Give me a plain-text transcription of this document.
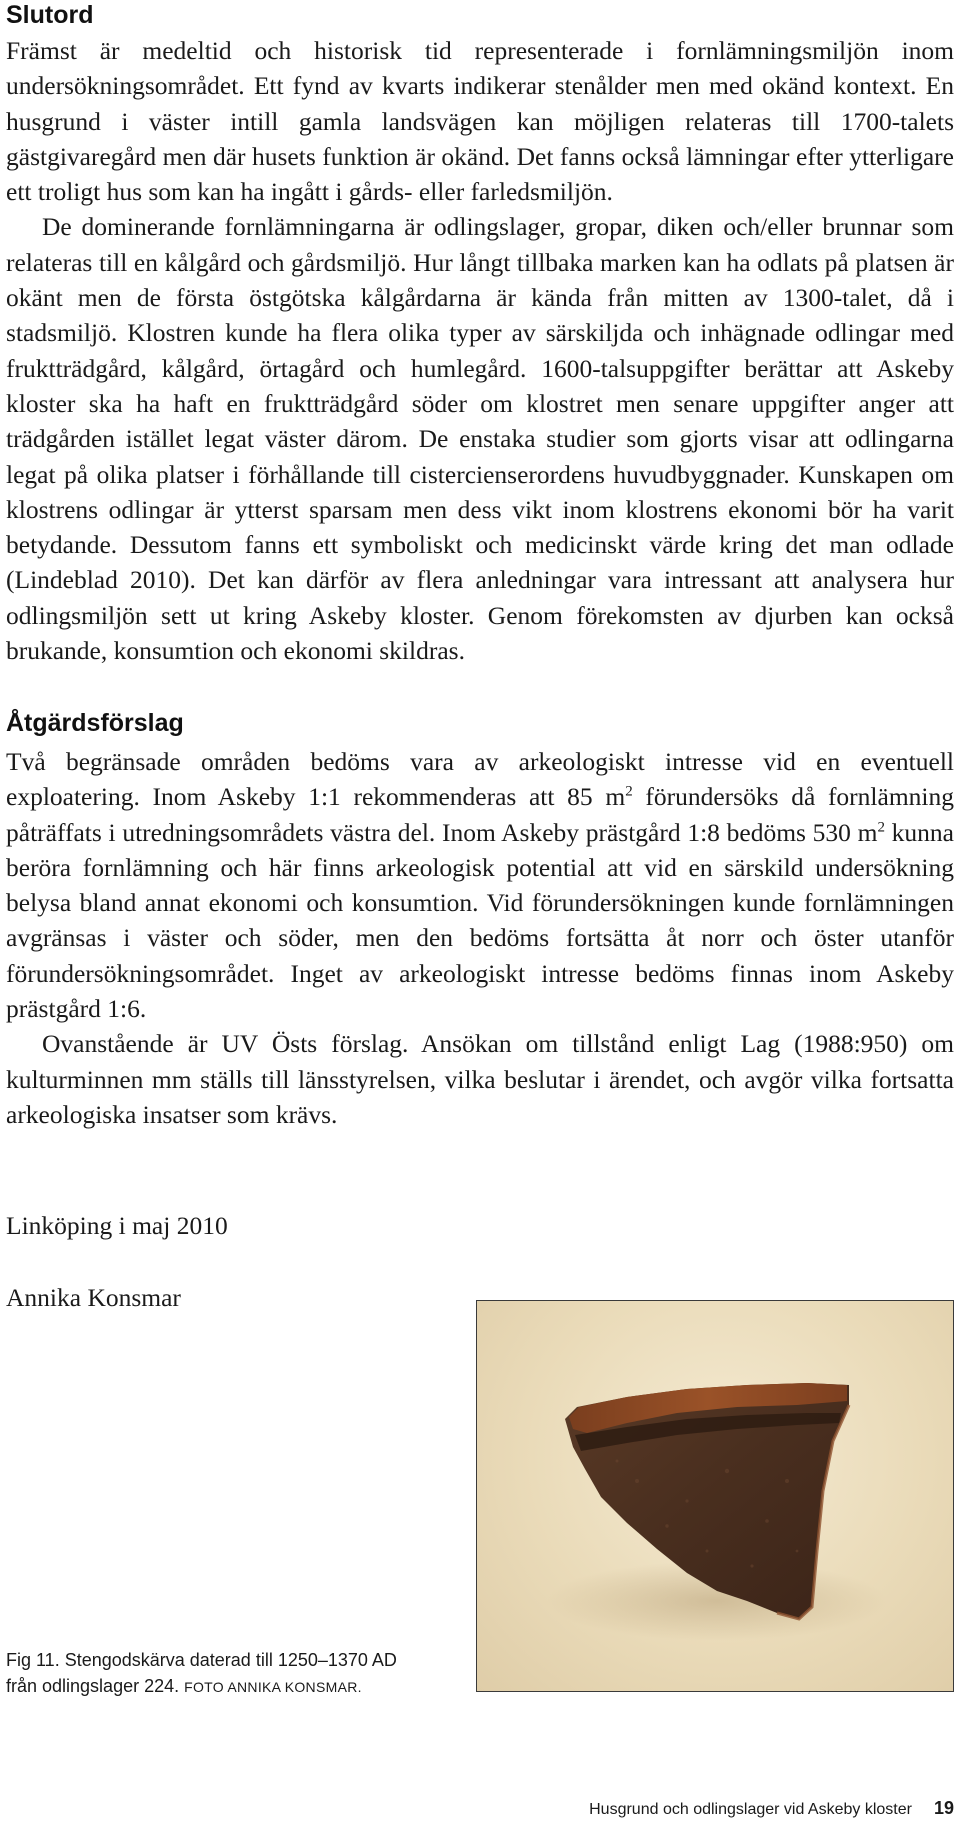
Slutord

Främst är medeltid och historisk tid representerade i fornlämningsmiljön inom undersökningsområdet. Ett fynd av kvarts indikerar stenålder men med okänd kontext. En husgrund i väster intill gamla landsvägen kan möjligen relateras till 1700-talets gästgivaregård men där husets funktion är okänd. Det fanns också lämningar efter ytterligare ett troligt hus som kan ha ingått i gårds- eller farledsmiljön.

De dominerande fornlämningarna är odlingslager, gropar, diken och/eller brunnar som relateras till en kålgård och gårdsmiljö. Hur långt tillbaka marken kan ha odlats på platsen är okänt men de första östgötska kålgårdarna är kända från mitten av 1300-talet, då i stadsmiljö. Klostren kunde ha flera olika typer av särskiljda och inhägnade odlingar med fruktträdgård, kålgård, örtagård och humlegård. 1600-talsuppgifter berättar att Askeby kloster ska ha haft en fruktträdgård söder om klostret men senare uppgifter anger att trädgården istället legat väster därom. De enstaka studier som gjorts visar att odlingarna legat på olika platser i förhållande till cistercienserordens huvudbyggnader. Kunskapen om klostrens odlingar är ytterst sparsam men dess vikt inom klostrens ekonomi bör ha varit betydande. Dessutom fanns ett symboliskt och medicinskt värde kring det man odlade (Lindeblad 2010). Det kan därför av flera anledningar vara intressant att analysera hur odlingsmiljön sett ut kring Askeby kloster. Genom förekomsten av djurben kan också brukande, konsumtion och ekonomi skildras.

Åtgärdsförslag

Två begränsade områden bedöms vara av arkeologiskt intresse vid en eventuell exploatering. Inom Askeby 1:1 rekommenderas att 85 $m^2$ förundersöks då fornlämning påträffats i utredningsområdets västra del. Inom Askeby prästgård 1:8 bedöms 530 $m^2$ kunna beröra fornlämning och här finns arkeologisk potential att vid en särskild undersökning belysa bland annat ekonomi och konsumtion. Vid förundersökningen kunde fornlämningen avgränsas i väster och söder, men den bedöms fortsätta åt norr och öster utanför förundersökningsområdet. Inget av arkeologiskt intresse bedöms finnas inom Askeby prästgård 1:6.

Ovanstående är UV Östs förslag. Ansökan om tillstånd enligt Lag (1988:950) om kulturminnen mm ställs till länsstyrelsen, vilka beslutar i ärendet, och avgör vilka fortsatta arkeologiska insatser som krävs.

Linköping i maj 2010
Annika Konsmar
Fig 11. Stengodskärva daterad till 1250–1370 AD
från odlingslager 224. FOTO ANNIKA KONSMAR.
Husgrund och odlingslager vid Askeby kloster 19
